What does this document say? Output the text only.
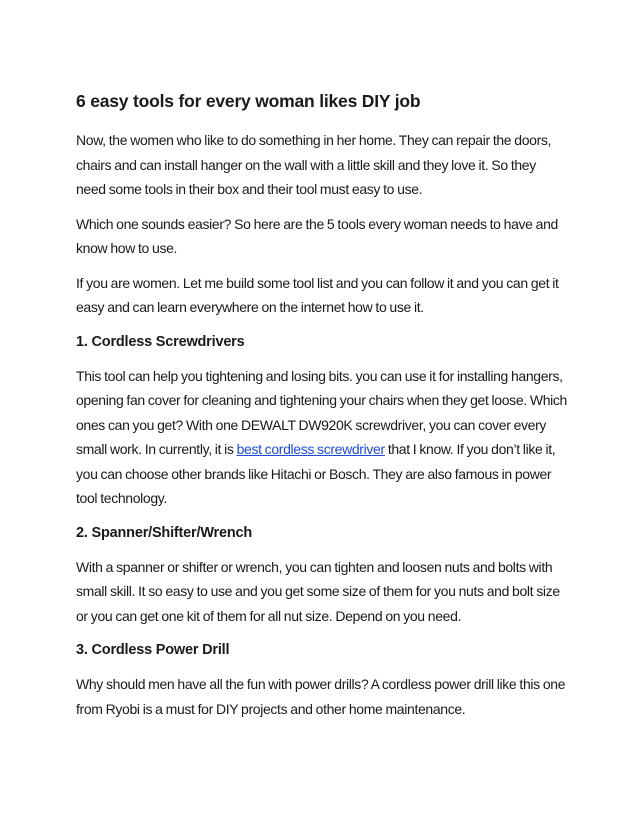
6 easy tools for every woman likes DIY job

Now, the women who like to do something in her home. They can repair the doors, chairs and can install hanger on the wall with a little skill and they love it. So they need some tools in their box and their tool must easy to use.

Which one sounds easier? So here are the 5 tools every woman needs to have and know how to use.

If you are women. Let me build some tool list and you can follow it and you can get it easy and can learn everywhere on the internet how to use it.

1. Cordless Screwdrivers

This tool can help you tightening and losing bits. you can use it for installing hangers, opening fan cover for cleaning and tightening your chairs when they get loose. Which ones can you get? With one DEWALT DW920K screwdriver, you can cover every small work. In currently, it is best cordless screwdriver that I know. If you don’t like it, you can choose other brands like Hitachi or Bosch. They are also famous in power tool technology.

2. Spanner/Shifter/Wrench

With a spanner or shifter or wrench, you can tighten and loosen nuts and bolts with small skill. It so easy to use and you get some size of them for you nuts and bolt size or you can get one kit of them for all nut size. Depend on you need.

3. Cordless Power Drill

Why should men have all the fun with power drills? A cordless power drill like this one from Ryobi is a must for DIY projects and other home maintenance.
